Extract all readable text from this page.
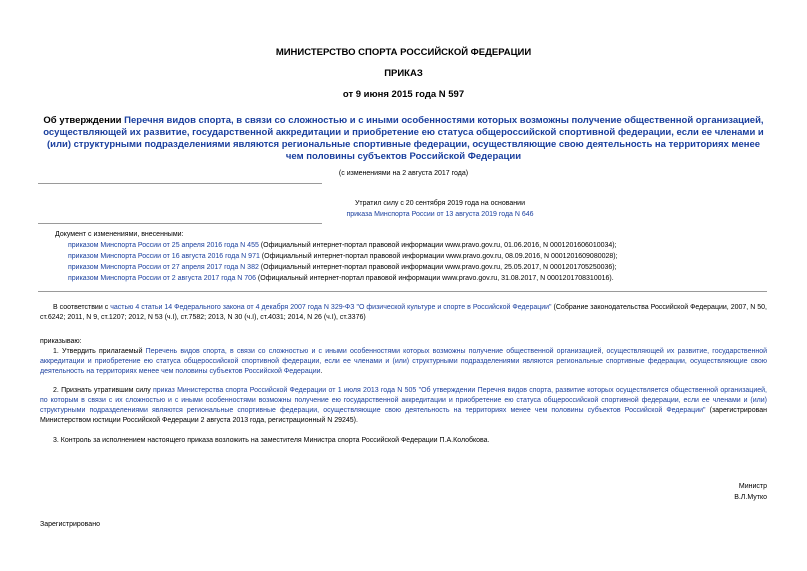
МИНИСТЕРСТВО СПОРТА РОССИЙСКОЙ ФЕДЕРАЦИИ
ПРИКАЗ
от 9 июня 2015 года N 597
Об утверждении Перечня видов спорта, в связи со сложностью и с иными особенностями которых возможны получение общественной организацией, осуществляющей их развитие, государственной аккредитации и приобретение ею статуса общероссийской спортивной федерации, если ее членами и (или) структурными подразделениями являются региональные спортивные федерации, осуществляющие свою деятельность на территориях менее чем половины субъектов Российской Федерации
(с изменениями на 2 августа 2017 года)
Утратил силу с 20 сентября 2019 года на основании
приказа Минспорта России от 13 августа 2019 года N 646
Документ с изменениями, внесенными:
приказом Минспорта России от 25 апреля 2016 года N 455 (Официальный интернет-портал правовой информации www.pravo.gov.ru, 01.06.2016, N 0001201606010034);
приказом Минспорта России от 16 августа 2016 года N 971 (Официальный интернет-портал правовой информации www.pravo.gov.ru, 08.09.2016, N 0001201609080028);
приказом Минспорта России от 27 апреля 2017 года N 382 (Официальный интернет-портал правовой информации www.pravo.gov.ru, 25.05.2017, N 0001201705250036);
приказом Минспорта России от 2 августа 2017 года N 706 (Официальный интернет-портал правовой информации www.pravo.gov.ru, 31.08.2017, N 0001201708310016).
В соответствии с частью 4 статьи 14 Федерального закона от 4 декабря 2007 года N 329-ФЗ "О физической культуре и спорте в Российской Федерации" (Собрание законодательства Российской Федерации, 2007, N 50, ст.6242; 2011, N 9, ст.1207; 2012, N 53 (ч.I), ст.7582; 2013, N 30 (ч.I), ст.4031; 2014, N 26 (ч.I), ст.3376)
приказываю:
1. Утвердить прилагаемый Перечень видов спорта, в связи со сложностью и с иными особенностями которых возможны получение общественной организацией, осуществляющей их развитие, государственной аккредитации и приобретение ею статуса общероссийской спортивной федерации, если ее членами и (или) структурными подразделениями являются региональные спортивные федерации, осуществляющие свою деятельность на территориях менее чем половины субъектов Российской Федерации.
2. Признать утратившим силу приказ Министерства спорта Российской Федерации от 1 июля 2013 года N 505 "Об утверждении Перечня видов спорта, развитие которых осуществляется общественной организацией, по которым в связи с их сложностью и с иными особенностями возможны получение ею государственной аккредитации и приобретение ею статуса общероссийской спортивной федерации, если ее членами и (или) структурными подразделениями являются региональные спортивные федерации, осуществляющие свою деятельность на территориях менее чем половины субъектов Российской Федерации" (зарегистрирован Министерством юстиции Российской Федерации 2 августа 2013 года, регистрационный N 29245).
3. Контроль за исполнением настоящего приказа возложить на заместителя Министра спорта Российской Федерации П.А.Колобкова.
Министр
В.Л.Мутко
Зарегистрировано
